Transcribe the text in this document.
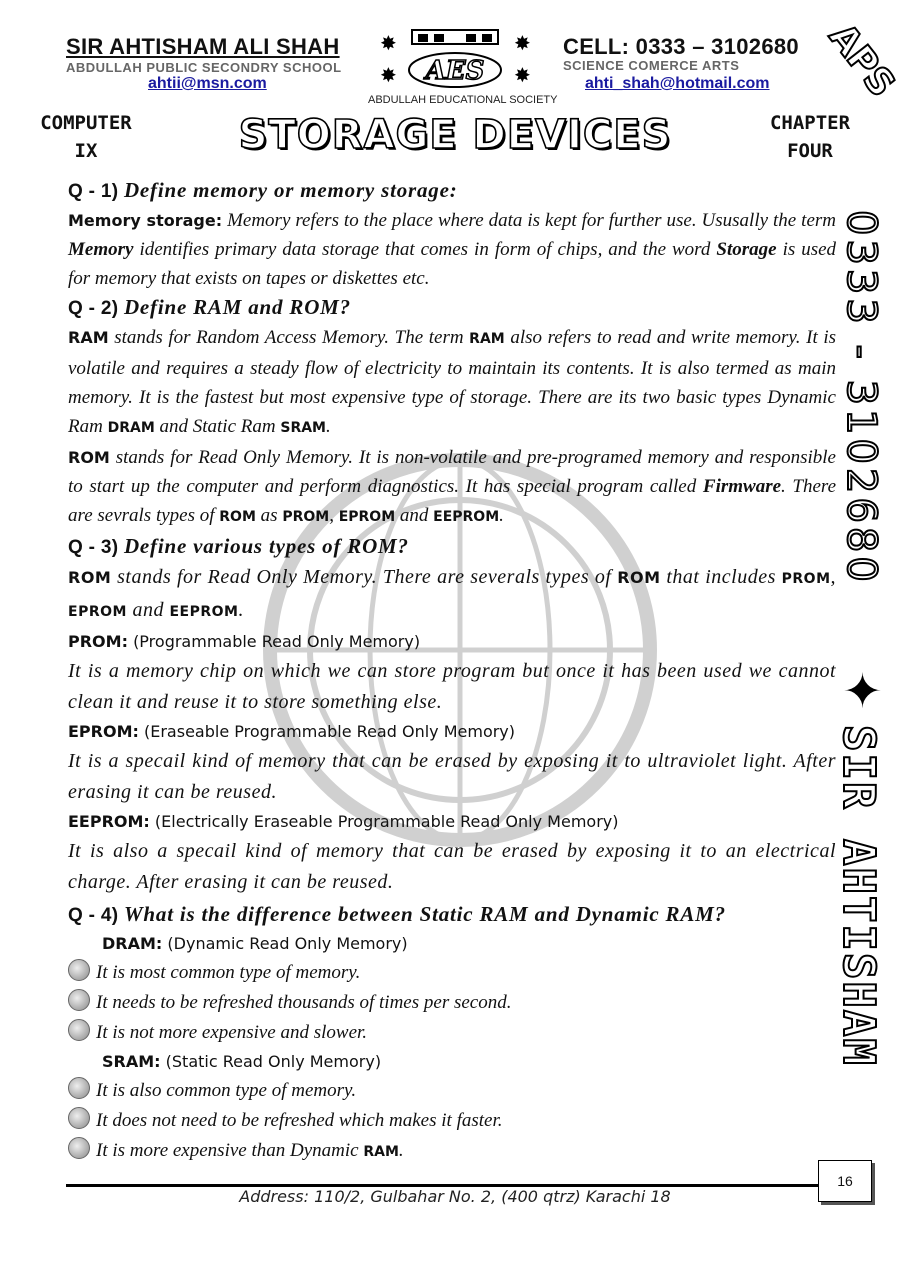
SIR AHTISHAM ALI SHAH
ABDULLAH PUBLIC SECONDRY SCHOOL
ahtii@msn.com
CELL: 0333 – 3102680
SCIENCE COMERCE ARTS
ahti_shah@hotmail.com
✸
✸
✸
✸
AES
ABDULLAH EDUCATIONAL SOCIETY	APS
COMPUTER
IX
CHAPTER
FOUR
STORAGE DEVICES
0333 - 3102680
✦
SIR AHTISHAM
Q - 1) Define memory or memory storage:

Memory storage: Memory refers to the place where data is kept for further use. Ususally the term Memory identifies primary data storage that comes in form of chips, and the word Storage is used for memory that exists on tapes or diskettes etc.

Q - 2) Define RAM and ROM?

RAM stands for Random Access Memory. The term RAM also refers to read and write memory. It is volatile and requires a steady flow of electricity to maintain its contents. It is also termed as main memory. It is the fastest but most expensive type of storage. There are its two basic types Dynamic Ram DRAM and Static Ram SRAM.

ROM stands for Read Only Memory. It is non-volatile and pre-programed memory and responsible to start up the computer and perform diagnostics. It has special program called Firmware. There are sevrals types of ROM as PROM, EPROM and EEPROM.

Q - 3) Define various types of ROM?

ROM stands for Read Only Memory. There are severals types of ROM that includes PROM, EPROM and EEPROM.

PROM: (Programmable Read Only Memory)

It is a memory chip on which we can store program but once it has been used we cannot clean it and reuse it to store something else.

EPROM: (Eraseable Programmable Read Only Memory)

It is a specail kind of memory that can be erased by exposing it to ultraviolet light. After erasing it can be reused.

EEPROM: (Electrically Eraseable Programmable Read Only Memory)

It is also a specail kind of memory that can be erased by exposing it to an electrical charge. After erasing it can be reused.

Q - 4) What is the difference between Static RAM and Dynamic RAM?
DRAM: (Dynamic Read Only Memory)
It is most common type of memory.
It needs to be refreshed thousands of times per second.
It is not more expensive and slower.
SRAM: (Static Read Only Memory)
It is also common type of memory.
It does not need to be refreshed which makes it faster.
It is more expensive than Dynamic RAM.
Address: 110/2, Gulbahar No. 2, (400 qtrz) Karachi 18
16
